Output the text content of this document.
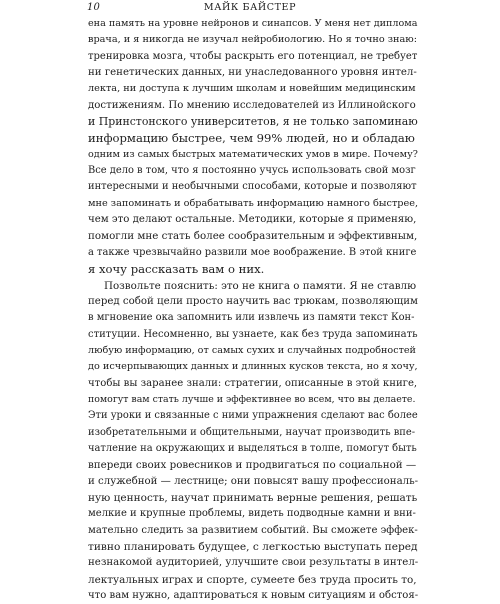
10	МАЙК БАЙСТЕР
ена память на уровне нейронов и синапсов. У меня нет диплома
врача, и я никогда не изучал нейробиологию. Но я точно знаю:
тренировка мозга, чтобы раскрыть его потенциал, не требует
ни генетических данных, ни унаследованного уровня интел-
лекта, ни доступа к лучшим школам и новейшим медицинским
достижениям. По мнению исследователей из Иллинойского
и Принстонского университетов, я не только запоминаю
информацию быстрее, чем 99% людей, но и обладаю
одним из самых быстрых математических умов в мире. Почему?
Все дело в том, что я постоянно учусь использовать свой мозг
интересными и необычными способами, которые и позволяют
мне запоминать и обрабатывать информацию намного быстрее,
чем это делают остальные. Методики, которые я применяю,
помогли мне стать более сообразительным и эффективным,
а также чрезвычайно развили мое воображение. В этой книге
я хочу рассказать вам о них.
Позвольте пояснить: это не книга о памяти. Я не ставлю
перед собой цели просто научить вас трюкам, позволяющим
в мгновение ока запомнить или извлечь из памяти текст Кон-
ституции. Несомненно, вы узнаете, как без труда запоминать
любую информацию, от самых сухих и случайных подробностей
до исчерпывающих данных и длинных кусков текста, но я хочу,
чтобы вы заранее знали: стратегии, описанные в этой книге,
помогут вам стать лучше и эффективнее во всем, что вы делаете.
Эти уроки и связанные с ними упражнения сделают вас более
изобретательными и общительными, научат производить впе-
чатление на окружающих и выделяться в толпе, помогут быть
впереди своих ровесников и продвигаться по социальной —
и служебной — лестнице; они повысят вашу профессиональ-
ную ценность, научат принимать верные решения, решать
мелкие и крупные проблемы, видеть подводные камни и вни-
мательно следить за развитием событий. Вы сможете эффек-
тивно планировать будущее, с легкостью выступать перед
незнакомой аудиторией, улучшите свои результаты в интел-
лектуальных играх и спорте, сумеете без труда просить то,
что вам нужно, адаптироваться к новым ситуациям и обстоя-
